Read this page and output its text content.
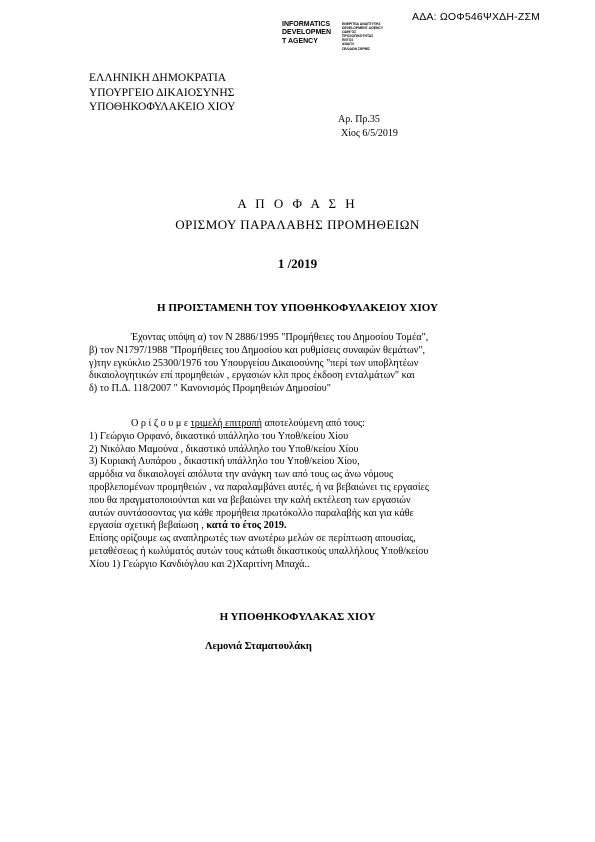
ΑΔΑ: ΩΟΦ546ΨΧΔΗ-ΖΣΜ
INFORMATICS
DEVELOPMEN
T AGENCY
ΕΝΕΡΓΕΙΑ ΑΝΑΠΤΥΞΗΣ
DEVELOPMENT AGENCY
ΟΔΗΓΟΣ ΠΡΟΣΩΠΙΚΟΤΗΤΑΣ
ΕΝΤΟΣ
ΑΝΑΓΝ
ΣΕΛΙΔΩΝ ΣΕΡΒΙΣ
ΕΛΛΗΝΙΚΗ ΔΗΜΟΚΡΑΤΙΑ
ΥΠΟΥΡΓΕΙΟ ΔΙΚΑΙΟΣΥΝΗΣ
ΥΠΟΘΗΚΟΦΥΛΑΚΕΙΟ ΧΙΟΥ
Αρ. Πρ.35
Χίος 6/5/2019
Α Π Ο Φ Α Σ Η
ΟΡΙΣΜΟΥ ΠΑΡΑΛΑΒΗΣ ΠΡΟΜΗΘΕΙΩΝ
1 /2019
Η ΠΡΟΙΣΤΑΜΕΝΗ ΤΟΥ ΥΠΟΘΗΚΟΦΥΛΑΚΕΙΟΥ ΧΙΟΥ
Έχοντας υπόψη α) τον Ν 2886/1995 "Προμήθειες του Δημοσίου Τομέα",
β) τον Ν1797/1988 "Προμήθειες του Δημοσίου και ρυθμίσεις συναφών θεμάτων",
γ)την εγκύκλιο 25300/1976 του Υπουργείου Δικαιοσύνης "περί των υποβλητέων
δικαιολογητικών επί προμηθειών , εργασιών κλπ προς έκδοση ενταλμάτων" και
δ) το Π.Δ. 118/2007 " Κανονισμός Προμηθειών Δημοσίου"
Ο ρ ί ζ ο υ μ ε τριμελή επιτροπή αποτελούμενη από τους:
1) Γεώργιο Ορφανό, δικαστικό υπάλληλο του Υποθ/κείου Χίου
2) Νικόλαο Μαμούνα , δικαστικό υπάλληλο του Υποθ/κείου Χίου
3) Κυριακή Λυπάρου , δικαστική υπάλληλο του Υποθ/κείου Χίου,
αρμόδια να δικαιολογεί απόλυτα την ανάγκη των από τους ως άνω νόμους
προβλεπομένων προμηθειών , να παραλαμβάνει αυτές, ή να βεβαιώνει τις εργασίες
που θα πραγματοποιούνται και να βεβαιώνει την καλή εκτέλεση των εργασιών
αυτών συντάσσοντας για κάθε προμήθεια πρωτόκολλο παραλαβής και για κάθε
εργασία σχετική βεβαίωση , κατά το έτος 2019.
Επίσης ορίζουμε ως αναπληρωτές των ανωτέρω μελών σε περίπτωση απουσίας,
μεταθέσεως ή κωλύματός αυτών τους κάτωθι δικαστικούς υπαλλήλους Υποθ/κείου
Χίου 1) Γεώργιο Κανδιόγλου και 2)Χαριτίνη Μπαχά..
Η ΥΠΟΘΗΚΟΦΥΛΑΚΑΣ ΧΙΟΥ
Λεμονιά Σταματουλάκη
